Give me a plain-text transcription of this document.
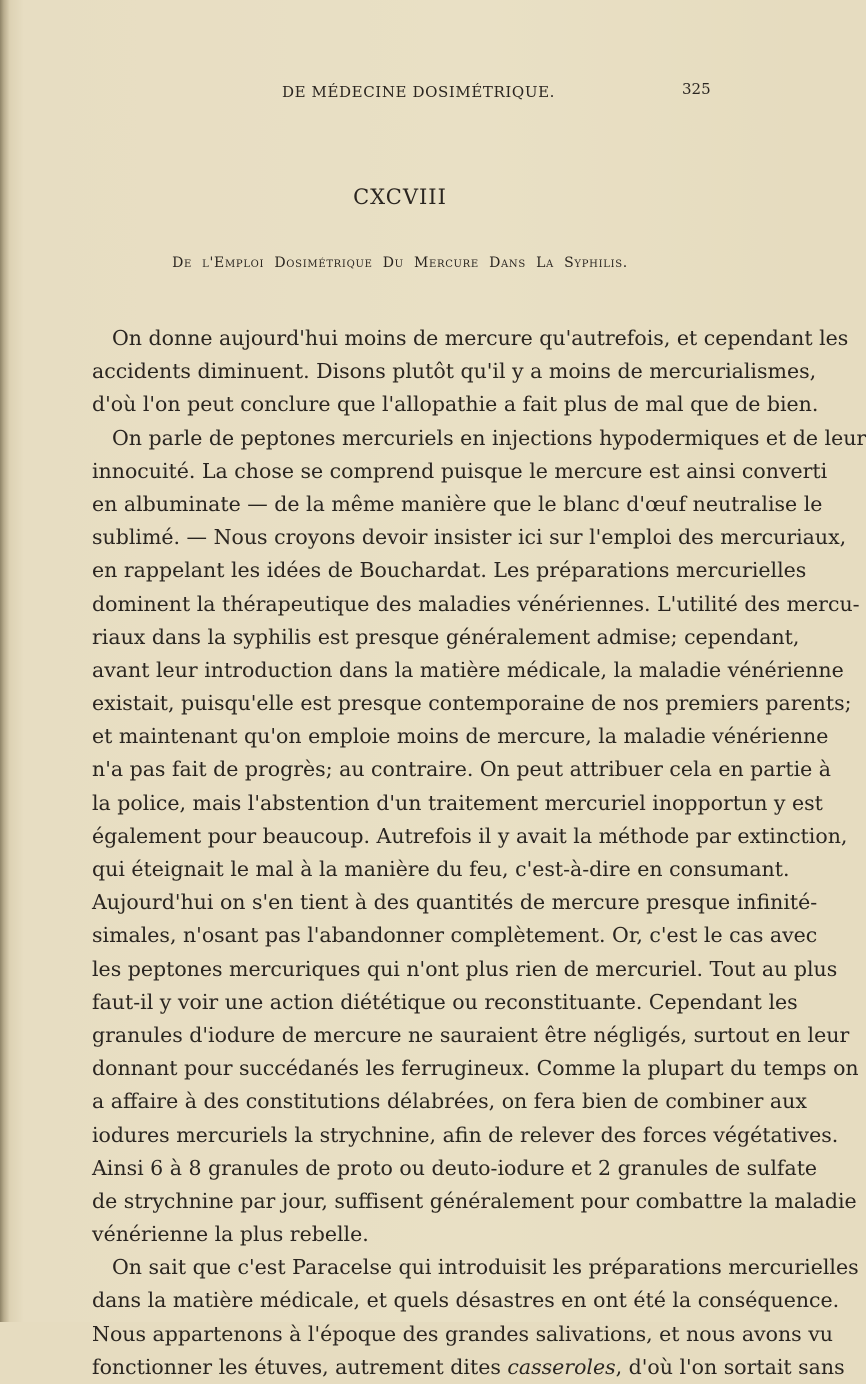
DE MÉDECINE DOSIMÉTRIQUE.	325
CXCVIII
De l'Emploi Dosimétrique Du Mercure Dans La Syphilis.
On donne aujourd'hui moins de mercure qu'autrefois, et cependant les
accidents diminuent. Disons plutôt qu'il y a moins de mercurialismes,
d'où l'on peut conclure que l'allopathie a fait plus de mal que de bien.
On parle de peptones mercuriels en injections hypodermiques et de leur
innocuité. La chose se comprend puisque le mercure est ainsi converti
en albuminate — de la même manière que le blanc d'œuf neutralise le
sublimé. — Nous croyons devoir insister ici sur l'emploi des mercuriaux,
en rappelant les idées de Bouchardat. Les préparations mercurielles
dominent la thérapeutique des maladies vénériennes. L'utilité des mercu-
riaux dans la syphilis est presque généralement admise; cependant,
avant leur introduction dans la matière médicale, la maladie vénérienne
existait, puisqu'elle est presque contemporaine de nos premiers parents;
et maintenant qu'on emploie moins de mercure, la maladie vénérienne
n'a pas fait de progrès; au contraire. On peut attribuer cela en partie à
la police, mais l'abstention d'un traitement mercuriel inopportun y est
également pour beaucoup. Autrefois il y avait la méthode par extinction,
qui éteignait le mal à la manière du feu, c'est-à-dire en consumant.
Aujourd'hui on s'en tient à des quantités de mercure presque infinité-
simales, n'osant pas l'abandonner complètement. Or, c'est le cas avec
les peptones mercuriques qui n'ont plus rien de mercuriel. Tout au plus
faut-il y voir une action diététique ou reconstituante. Cependant les
granules d'iodure de mercure ne sauraient être négligés, surtout en leur
donnant pour succédanés les ferrugineux. Comme la plupart du temps on
a affaire à des constitutions délabrées, on fera bien de combiner aux
iodures mercuriels la strychnine, afin de relever des forces végétatives.
Ainsi 6 à 8 granules de proto ou deuto-iodure et 2 granules de sulfate
de strychnine par jour, suffisent généralement pour combattre la maladie
vénérienne la plus rebelle.
On sait que c'est Paracelse qui introduisit les préparations mercurielles
dans la matière médicale, et quels désastres en ont été la conséquence.
Nous appartenons à l'époque des grandes salivations, et nous avons vu
fonctionner les étuves, autrement dites casseroles, d'où l'on sortait sans
